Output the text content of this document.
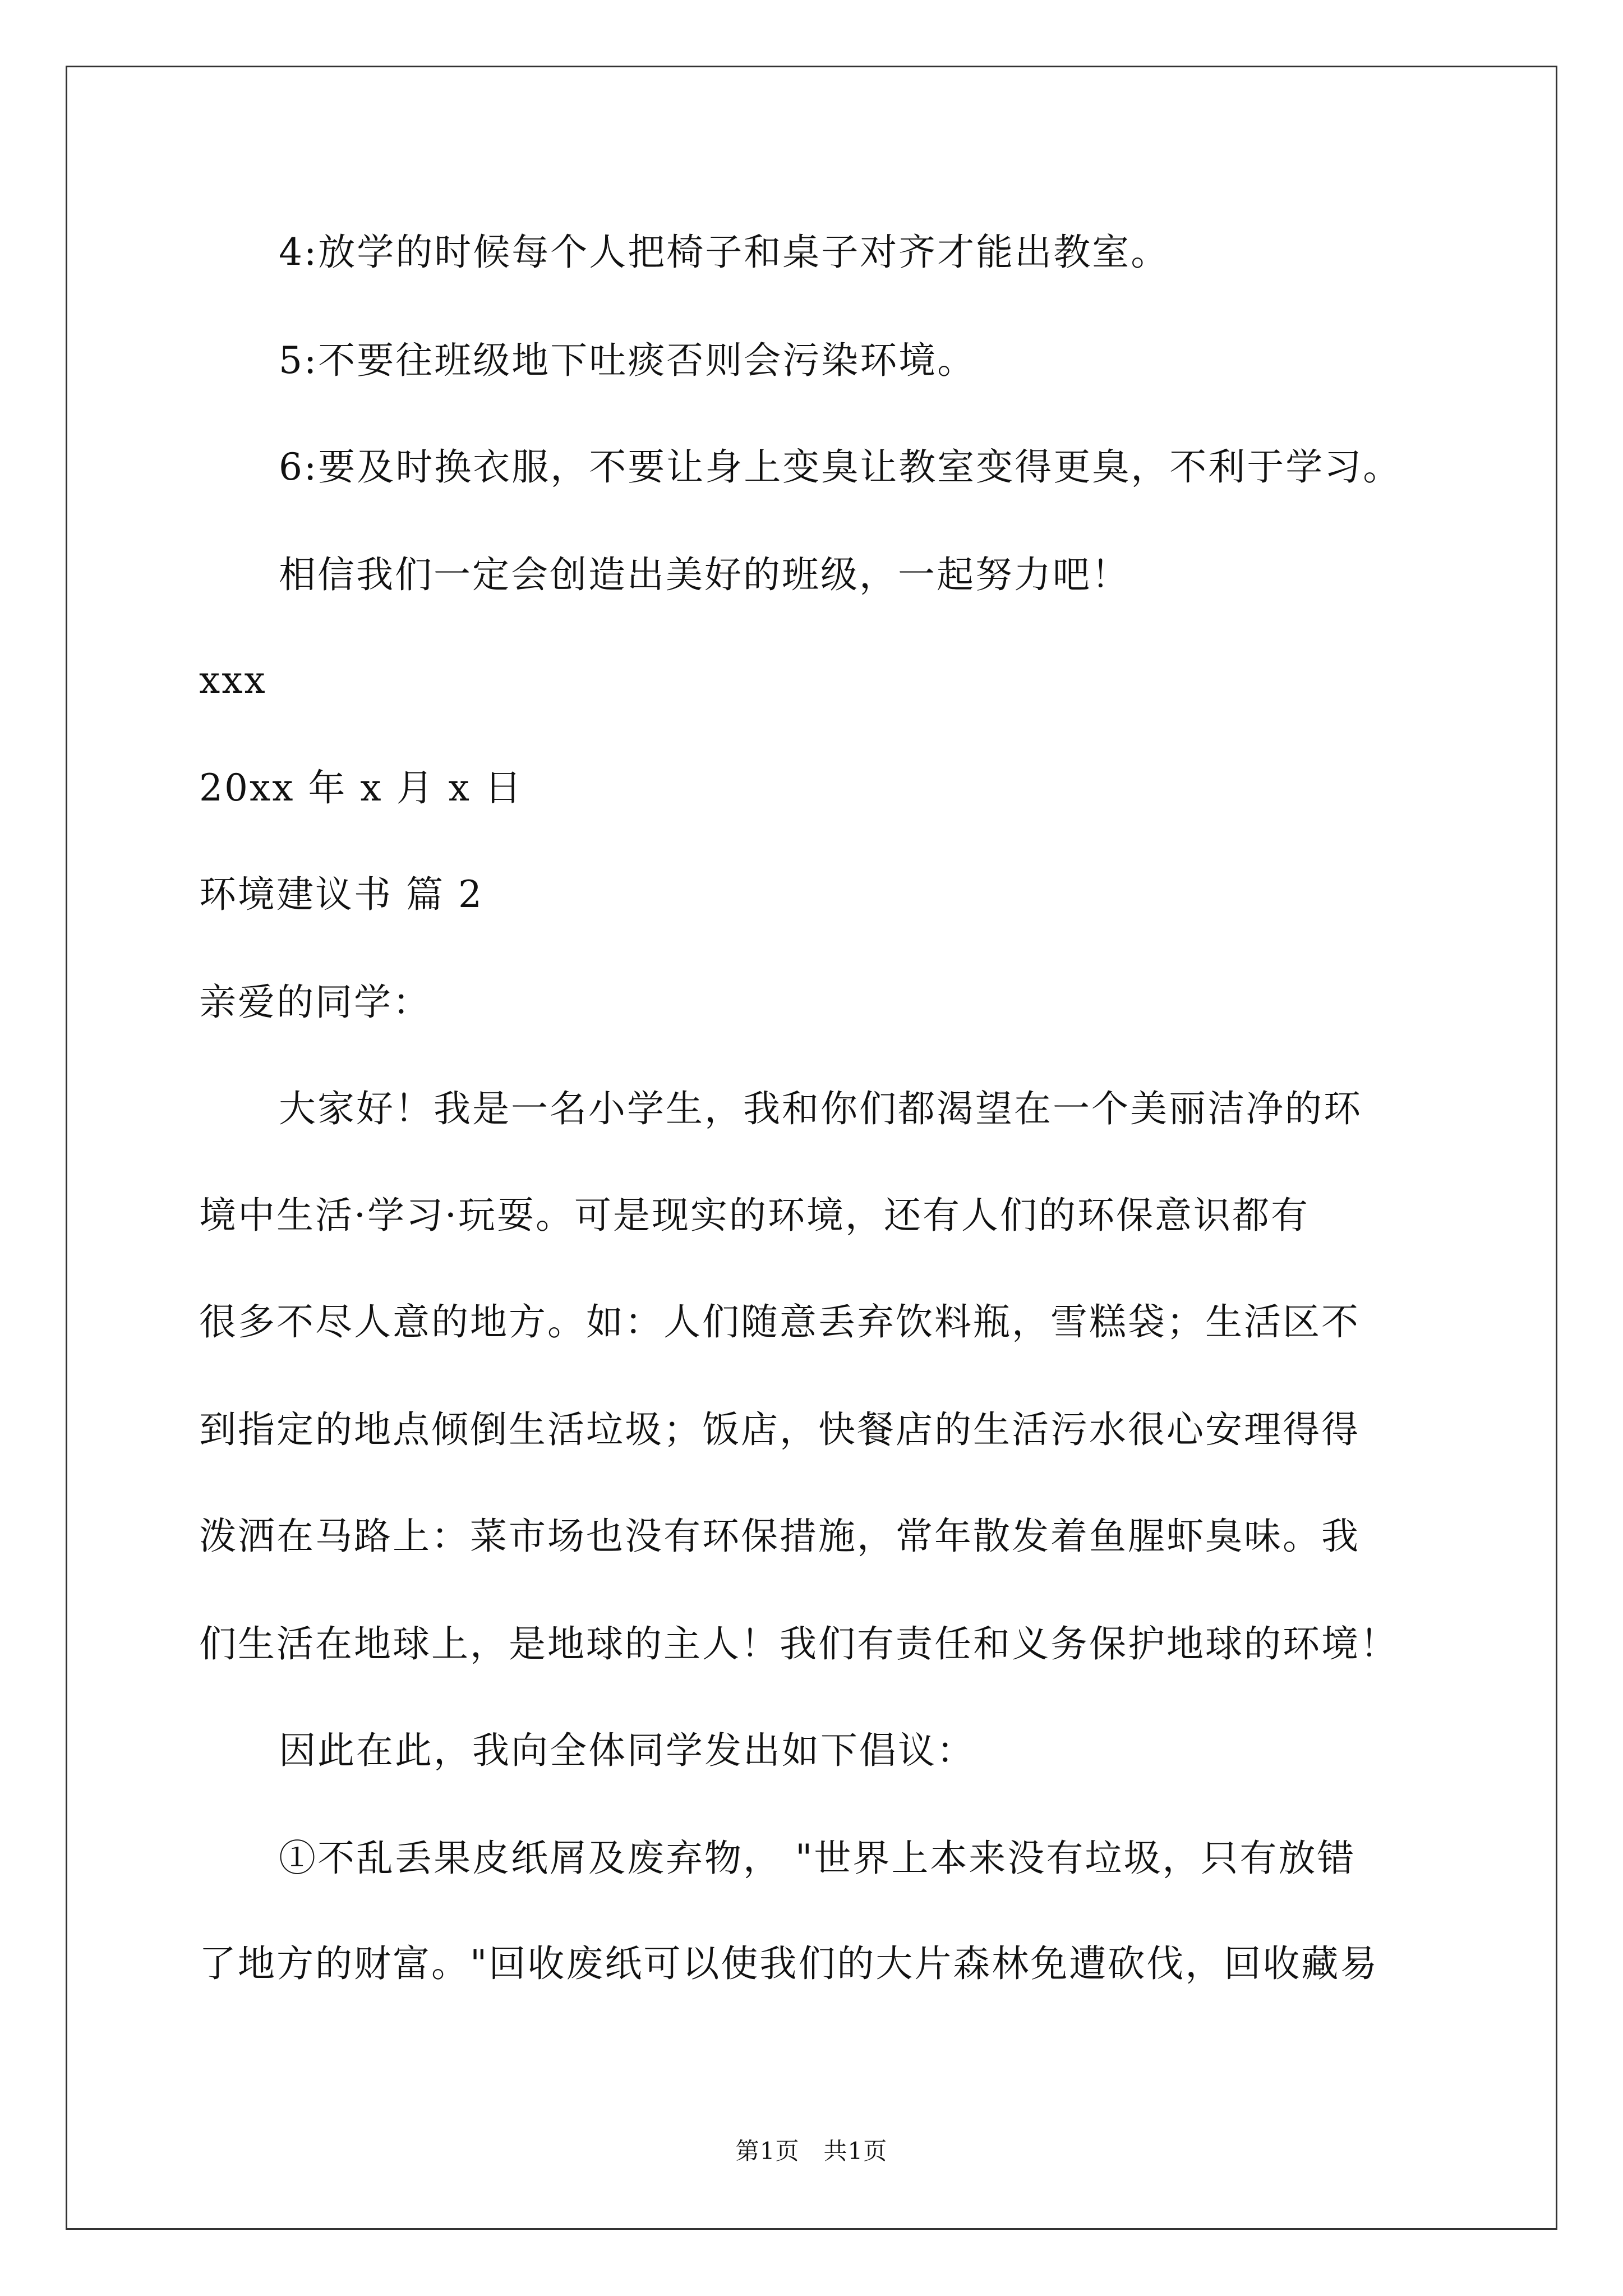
4:放学的时候每个人把椅子和桌子对齐才能出教室。
5:不要往班级地下吐痰否则会污染环境。
6:要及时换衣服，不要让身上变臭让教室变得更臭，不利于学习。
相信我们一定会创造出美好的班级，一起努力吧！
xxx
20xx 年 x 月 x 日
环境建议书 篇 2
亲爱的同学：
大家好！我是一名小学生，我和你们都渴望在一个美丽洁净的环
境中生活·学习·玩耍。可是现实的环境，还有人们的环保意识都有
很多不尽人意的地方。如：人们随意丢弃饮料瓶，雪糕袋；生活区不
到指定的地点倾倒生活垃圾；饭店，快餐店的生活污水很心安理得得
泼洒在马路上：菜市场也没有环保措施，常年散发着鱼腥虾臭味。我
们生活在地球上，是地球的主人！我们有责任和义务保护地球的环境！
因此在此，我向全体同学发出如下倡议：
①不乱丢果皮纸屑及废弃物， "世界上本来没有垃圾，只有放错
了地方的财富。"回收废纸可以使我们的大片森林免遭砍伐，回收藏易
第1页　共1页
